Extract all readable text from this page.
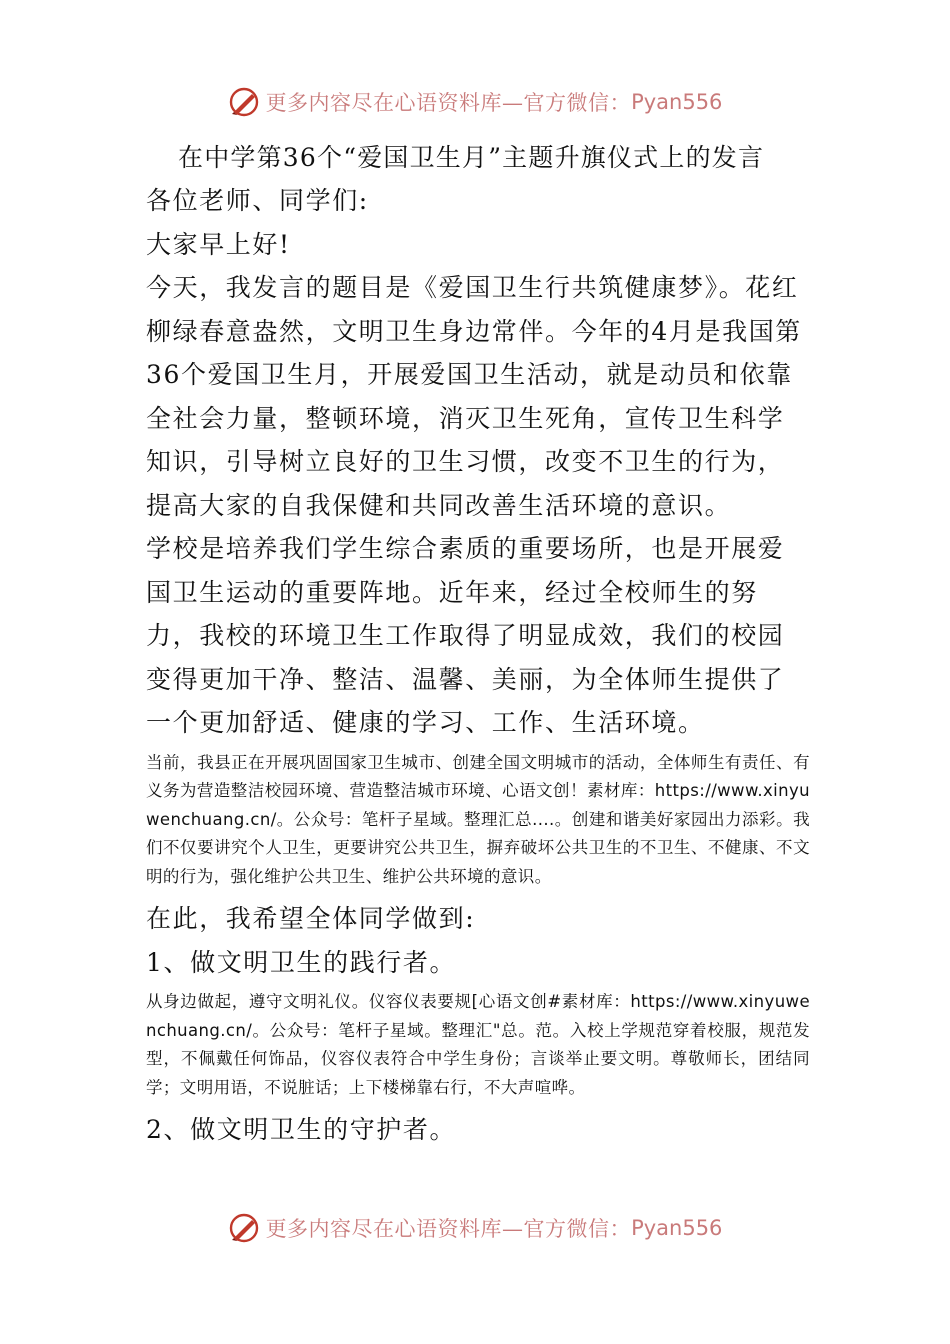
更多内容尽在心语资料库—官方微信： Pyan556

在中学第36个“爱国卫生月”主题升旗仪式上的发言

各位老师、同学们:

大家早上好!

今天，我发言的题目是《爱国卫生行共筑健康梦》。花红柳绿春意盎然，文明卫生身边常伴。今年的4月是我国第36个爱国卫生月，开展爱国卫生活动，就是动员和依靠全社会力量，整顿环境，消灭卫生死角，宣传卫生科学知识，引导树立良好的卫生习惯，改变不卫生的行为，提高大家的自我保健和共同改善生活环境的意识。

学校是培养我们学生综合素质的重要场所，也是开展爱国卫生运动的重要阵地。近年来，经过全校师生的努力，我校的环境卫生工作取得了明显成效，我们的校园变得更加干净、整洁、温馨、美丽，为全体师生提供了一个更加舒适、健康的学习、工作、生活环境。

当前，我县正在开展巩固国家卫生城市、创建全国文明城市的活动，全体师生有责任、有义务为营造整洁校园环境、营造整洁城市环境、心语文创！素材库：https://www.xinyuwenchuang.cn/。公众号：笔杆子星域。整理汇总....。创建和谐美好家园出力添彩。我们不仅要讲究个人卫生，更要讲究公共卫生，摒弃破坏公共卫生的不卫生、不健康、不文明的行为，强化维护公共卫生、维护公共环境的意识。

在此，我希望全体同学做到:

1、做文明卫生的践行者。

从身边做起，遵守文明礼仪。仪容仪表要规[心语文创#素材库：https://www.xinyuwenchuang.cn/。公众号：笔杆子星域。整理汇"总。范。入校上学规范穿着校服，规范发型，不佩戴任何饰品，仪容仪表符合中学生身份；言谈举止要文明。尊敬师长，团结同学；文明用语，不说脏话；上下楼梯靠右行，不大声喧哗。

2、做文明卫生的守护者。

更多内容尽在心语资料库—官方微信： Pyan556
